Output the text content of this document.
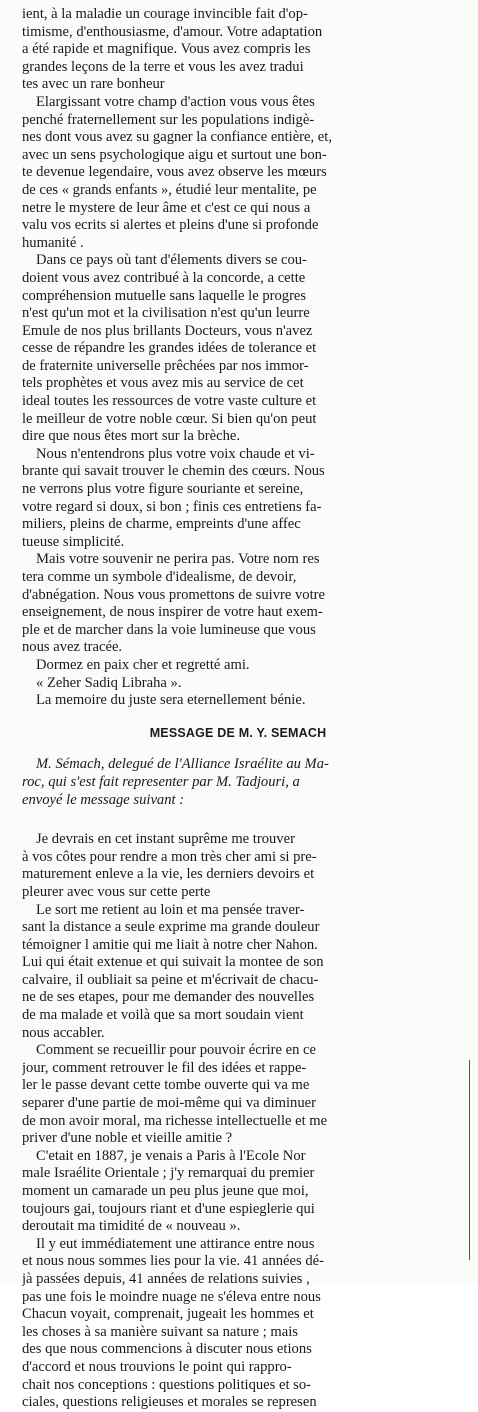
ient, à la maladie un courage invincible fait d'op-
timisme, d'enthousiasme, d'amour. Votre adaptation
a été rapide et magnifique. Vous avez compris les
grandes leçons de la terre et vous les avez tradui
tes avec un rare bonheur
Elargissant votre champ d'action vous vous êtes
penché fraternellement sur les populations indigè-
nes dont vous avez su gagner la confiance entière, et,
avec un sens psychologique aigu et surtout une bon-
te devenue legendaire, vous avez observe les mœurs
de ces « grands enfants », étudié leur mentalite, pe
netre le mystere de leur âme et c'est ce qui nous a
valu vos ecrits si alertes et pleins d'une si profonde
humanité .
Dans ce pays où tant d'élements divers se cou-
doient vous avez contribué à la concorde, a cette
compréhension mutuelle sans laquelle le progres
n'est qu'un mot et la civilisation n'est qu'un leurre
Emule de nos plus brillants Docteurs, vous n'avez
cesse de répandre les grandes idées de tolerance et
de fraternite universelle prêchées par nos immor-
tels prophètes et vous avez mis au service de cet
ideal toutes les ressources de votre vaste culture et
le meilleur de votre noble cœur. Si bien qu'on peut
dire que nous êtes mort sur la brèche.
Nous n'entendrons plus votre voix chaude et vi-
brante qui savait trouver le chemin des cœurs. Nous
ne verrons plus votre figure souriante et sereine,
votre regard si doux, si bon ; finis ces entretiens fa-
miliers, pleins de charme, empreints d'une affec
tueuse simplicité.
Mais votre souvenir ne perira pas. Votre nom res
tera comme un symbole d'idealisme, de devoir,
d'abnégation. Nous vous promettons de suivre votre
enseignement, de nous inspirer de votre haut exem-
ple et de marcher dans la voie lumineuse que vous
nous avez tracée.
Dormez en paix cher et regretté ami.
« Zeher Sadiq Libraha ».
La memoire du juste sera eternellement bénie.
MESSAGE DE M. Y. SEMACH
M. Sémach, delegué de l'Alliance Israélite au Ma-
roc, qui s'est fait representer par M. Tadjouri, a
envoyé le message suivant :
Je devrais en cet instant suprême me trouver
à vos côtes pour rendre a mon très cher ami si pre-
maturement enleve a la vie, les derniers devoirs et
pleurer avec vous sur cette perte
Le sort me retient au loin et ma pensée traver-
sant la distance a seule exprime ma grande douleur
témoigner l amitie qui me liait à notre cher Nahon.
Lui qui était extenue et qui suivait la montee de son
calvaire, il oubliait sa peine et m'écrivait de chacu-
ne de ses etapes, pour me demander des nouvelles
de ma malade et voilà que sa mort soudain vient
nous accabler.
Comment se recueillir pour pouvoir écrire en ce
jour, comment retrouver le fil des idées et rappe-
ler le passe devant cette tombe ouverte qui va me
separer d'une partie de moi-même qui va diminuer
de mon avoir moral, ma richesse intellectuelle et me
priver d'une noble et vieille amitie ?
C'etait en 1887, je venais a Paris à l'Ecole Nor
male Israélite Orientale ; j'y remarquai du premier
moment un camarade un peu plus jeune que moi,
toujours gai, toujours riant et d'une espieglerie qui
deroutait ma timidité de « nouveau ».
Il y eut immédiatement une attirance entre nous
et nous nous sommes lies pour la vie. 41 années dé-
jà passées depuis, 41 années de relations suivies ,
pas une fois le moindre nuage ne s'éleva entre nous
Chacun voyait, comprenait, jugeait les hommes et
les choses à sa manière suivant sa nature ; mais
des que nous commencions à discuter nous etions
d'accord et nous trouvions le point qui rappro-
chait nos conceptions : questions politiques et so-
ciales, questions religieuses et morales se represen
